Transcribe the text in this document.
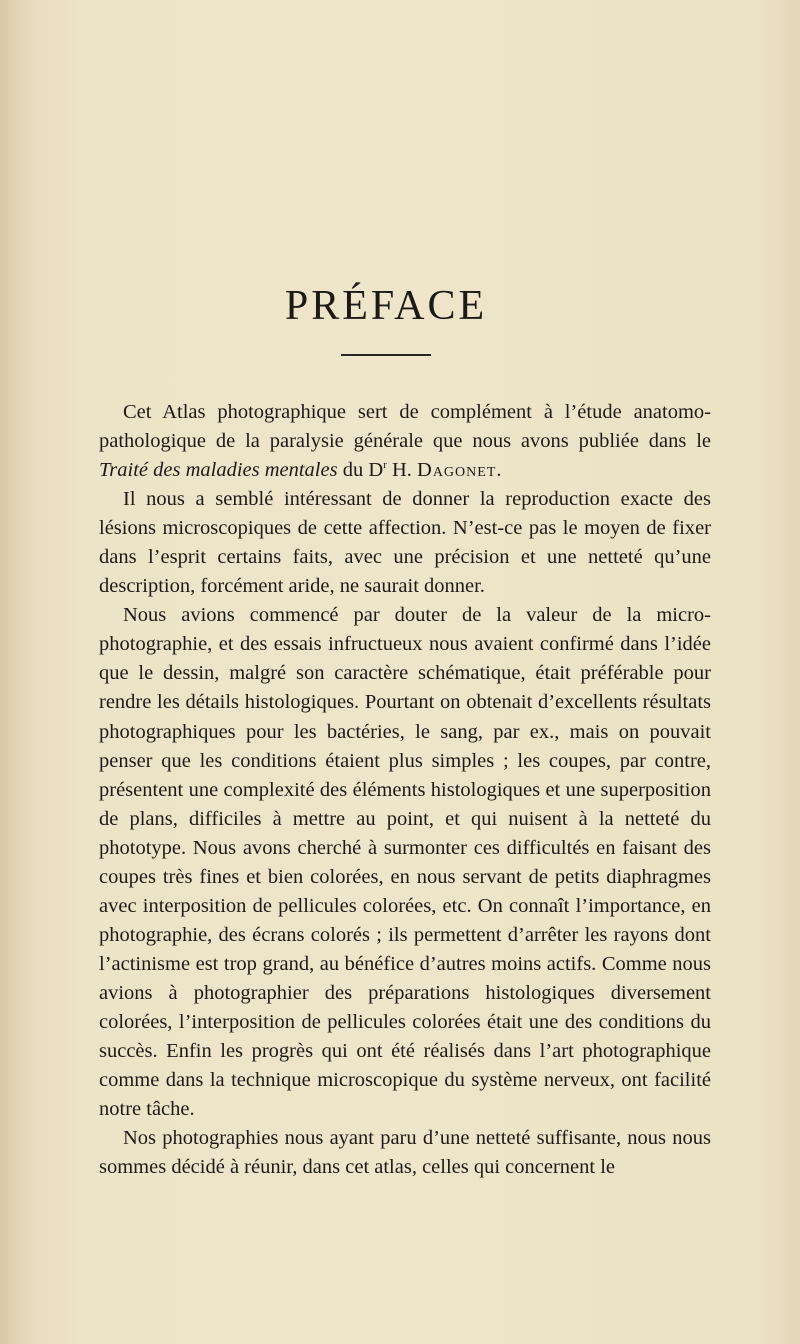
PRÉFACE

Cet Atlas photographique sert de complément à l’étude anatomo-pathologique de la paralysie générale que nous avons publiée dans le Traité des maladies mentales du $D^r$ H. Dagonet.

Il nous a semblé intéressant de donner la reproduction exacte des lésions microscopiques de cette affection. N’est-ce pas le moyen de fixer dans l’esprit certains faits, avec une précision et une netteté qu’une description, forcément aride, ne saurait donner.

Nous avions commencé par douter de la valeur de la micro-photographie, et des essais infructueux nous avaient confirmé dans l’idée que le dessin, malgré son caractère schématique, était préférable pour rendre les détails histologiques. Pourtant on obtenait d’excellents résultats photographiques pour les bactéries, le sang, par ex., mais on pouvait penser que les conditions étaient plus simples ; les coupes, par contre, présentent une complexité des éléments histologiques et une superposition de plans, difficiles à mettre au point, et qui nuisent à la netteté du phototype. Nous avons cherché à surmonter ces difficultés en faisant des coupes très fines et bien colorées, en nous servant de petits diaphragmes avec interposition de pellicules colorées, etc. On connaît l’importance, en photographie, des écrans colorés ; ils permettent d’arrêter les rayons dont l’actinisme est trop grand, au bénéfice d’autres moins actifs. Comme nous avions à photographier des préparations histologiques diversement colorées, l’interposition de pellicules colorées était une des conditions du succès. Enfin les progrès qui ont été réalisés dans l’art photographique comme dans la technique microscopique du système nerveux, ont facilité notre tâche.

Nos photographies nous ayant paru d’une netteté suffisante, nous nous sommes décidé à réunir, dans cet atlas, celles qui concernent le
